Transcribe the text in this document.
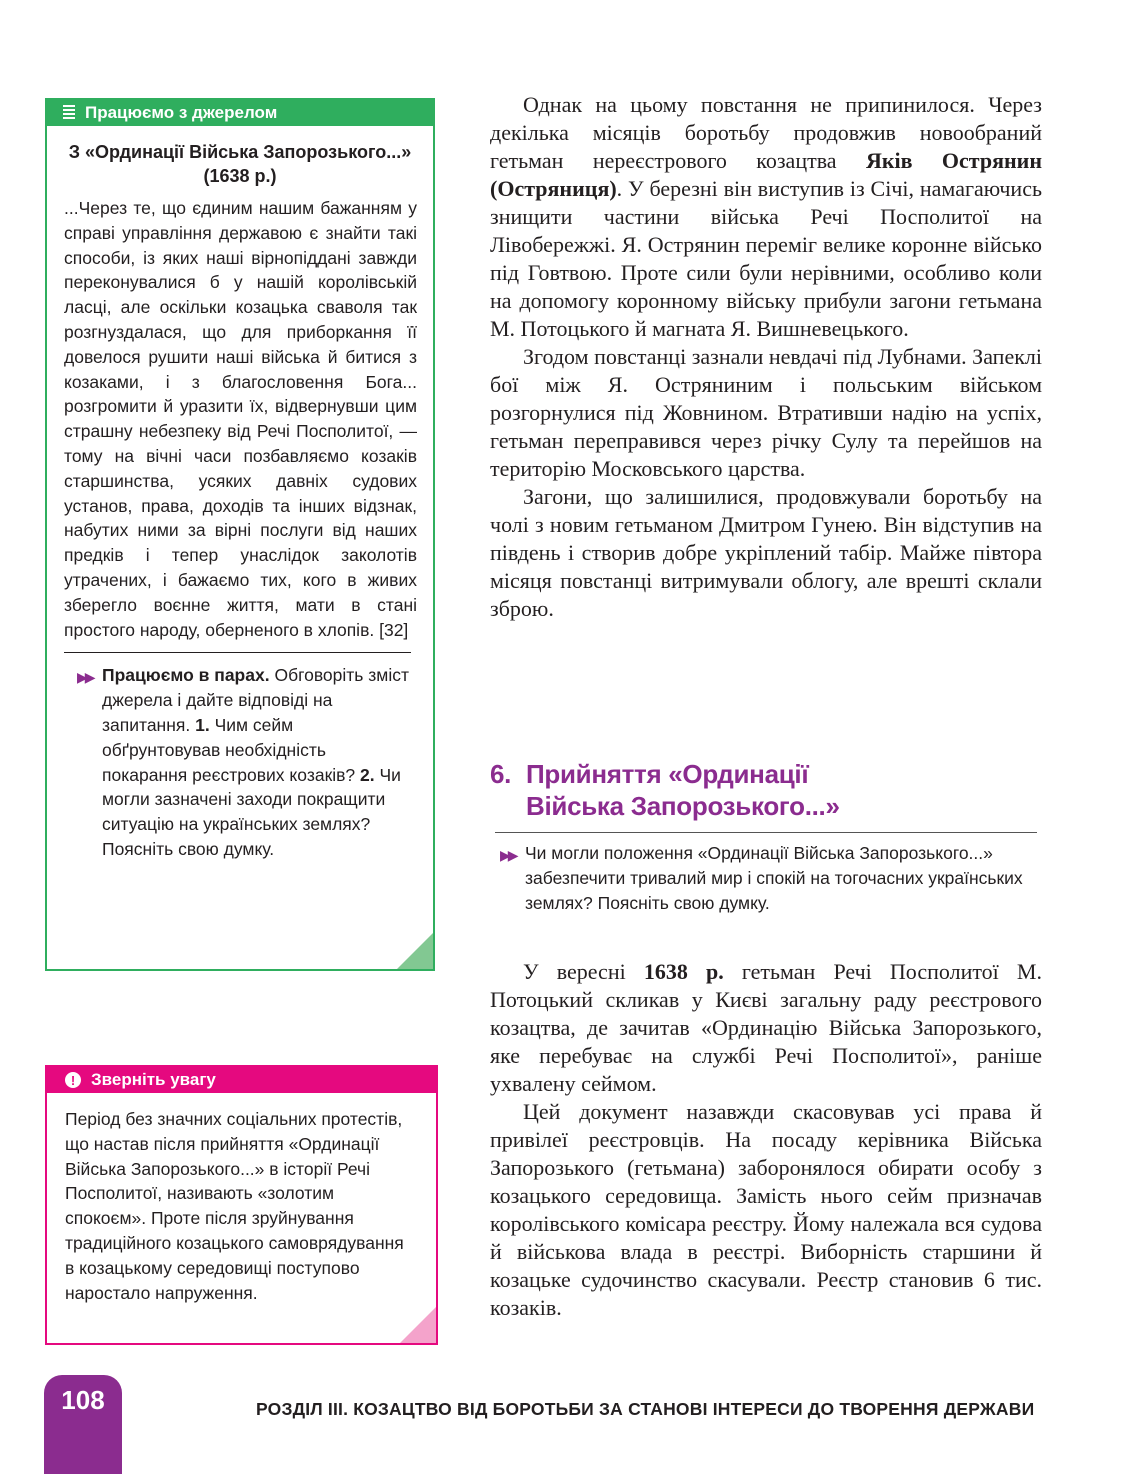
Працюємо з джерелом
З «Ординації Війська Запорозького...» (1638 р.)
...Через те, що єдиним нашим бажанням у справі управління державою є знайти такі способи, із яких наші вірнопіддані завжди переконувалися б у нашій королівській ласці, але оскільки козацька сваволя так розгнуздалася, що для приборкання її довелося рушити наші війська й битися з козаками, і з благословення Бога... розгромити й уразити їх, відвернувши цим страшну небезпеку від Речі Посполитої, — тому на вічні часи позбавляємо козаків старшинства, усяких давніх судових установ, права, доходів та інших відзнак, набутих ними за вірні послуги від наших предків і тепер унаслідок заколотів утрачених, і бажаємо тих, кого в живих зберегло воєнне життя, мати в стані простого народу, оберненого в хлопів. [32]
▶▶ Працюємо в парах. Обговоріть зміст джерела і дайте відповіді на запитання. 1. Чим сейм обґрунтовував необхідність покарання реєстрових козаків? 2. Чи могли зазначені заходи покращити ситуацію на українських землях? Поясніть свою думку.
! Зверніть увагу
Період без значних соціальних протестів, що настав після прийняття «Ординації Війська Запорозького...» в історії Речі Посполитої, називають «золотим спокоєм». Проте після зруйнування традиційного козацького самоврядування в козацькому середовищі поступово наростало напруження.

Однак на цьому повстання не припинилося. Через декілька місяців боротьбу продовжив новообраний гетьман нереєстрового козацтва Яків Острянин (Остряниця). У березні він виступив із Січі, намагаючись знищити частини війська Речі Посполитої на Лівобережжі. Я. Острянин переміг велике коронне військо під Говтвою. Проте сили були нерівними, особливо коли на допомогу коронному війську прибули загони гетьмана М. Потоцького й магната Я. Вишневецького.

Згодом повстанці зазнали невдачі під Лубнами. Запеклі бої між Я. Остряниним і польським військом розгорнулися під Жовнином. Втративши надію на успіх, гетьман переправився через річку Сулу та перейшов на територію Московського царства.

Загони, що залишилися, продовжували боротьбу на чолі з новим гетьманом Дмитром Гунею. Він відступив на південь і створив добре укріплений табір. Майже півтора місяця повстанці витримували облогу, але врешті склали зброю.

6. Прийняття «Ординації
Війська Запорозького...»
▶▶ Чи могли положення «Ординації Війська Запорозького...» забезпечити тривалий мир і спокій на тогочасних українських землях? Поясніть свою думку.

У вересні 1638 р. гетьман Речі Посполитої М. Потоцький скликав у Києві загальну раду реєстрового козацтва, де зачитав «Ординацію Війська Запорозького, яке перебуває на службі Речі Посполитої», раніше ухвалену сеймом.

Цей документ назавжди скасовував усі права й привілеї реєстровців. На посаду керівника Війська Запорозького (гетьмана) заборонялося обирати особу з козацького середовища. Замість нього сейм призначав королівського комісара реєстру. Йому належала вся судова й військова влада в реєстрі. Виборність старшини й козацьке судочинство скасували. Реєстр становив 6 тис. козаків.

108	РОЗДІЛ ІІІ. КОЗАЦТВО ВІД БОРОТЬБИ ЗА СТАНОВІ ІНТЕРЕСИ ДО ТВОРЕННЯ ДЕРЖАВИ
